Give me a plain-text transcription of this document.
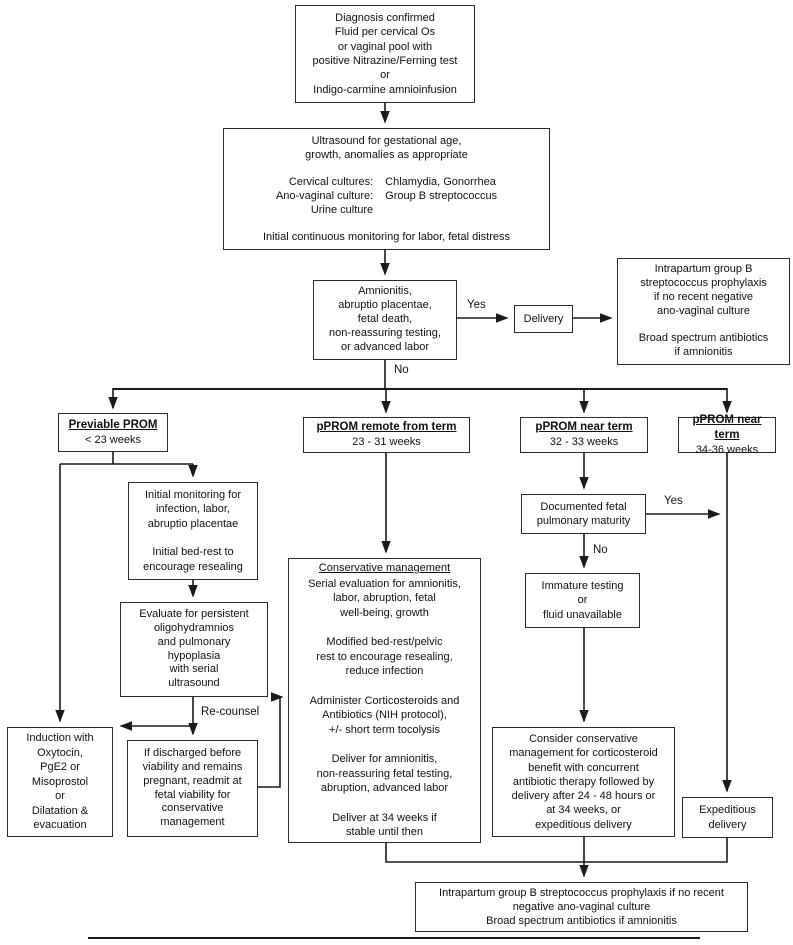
Diagnosis confirmed
Fluid per cervical Os
or vaginal pool with
positive Nitrazine/Ferning test
or
Indigo-carmine amnioinfusion
Ultrasound for gestational age,
growth, anomalies as appropriate
Cervical cultures: Chlamydia, Gonorrhea
Ano-vaginal culture: Group B streptococcus
Urine culture
Initial continuous monitoring for labor, fetal distress
Amnionitis,
abruptio placentae,
fetal death,
non-reassuring testing,
or advanced labor
Delivery
Intrapartum group B
streptococcus prophylaxis
if no recent negative
ano-vaginal culture

Broad spectrum antibiotics
if amnionitis
Previable PROM
< 23 weeks
pPROM remote from term
23 - 31 weeks
pPROM near term
32 - 33 weeks
pPROM near term
34-36 weeks
Initial monitoring for
infection, labor,
abruptio placentae

Initial bed-rest to
encourage resealing
Evaluate for persistent
oligohydramnios
and pulmonary
hypoplasia
with serial
ultrasound
Induction with
Oxytocin,
PgE2 or
Misoprostol
or
Dilatation &
evacuation
If discharged before
viability and remains
pregnant, readmit at
fetal viability for
conservative
management
Conservative management
Serial evaluation for amnionitis,
labor, abruption, fetal
well-being, growth

Modified bed-rest/pelvic
rest to encourage resealing,
reduce infection

Administer Corticosteroids and
Antibiotics (NIH protocol),
+/- short term tocolysis

Deliver for amnionitis,
non-reassuring fetal testing,
abruption, advanced labor

Deliver at 34 weeks if
stable until then
Documented fetal
pulmonary maturity
Immature testing
or
fluid unavailable
Consider conservative
management for corticosteroid
benefit with concurrent
antibiotic therapy followed by
delivery after 24 - 48 hours or
at 34 weeks, or
expeditious delivery
Expeditious
delivery
Intrapartum group B streptococcus prophylaxis if no recent
negative ano-vaginal culture
Broad spectrum antibiotics if amnionitis
Yes
No
Yes
No
Re-counsel
